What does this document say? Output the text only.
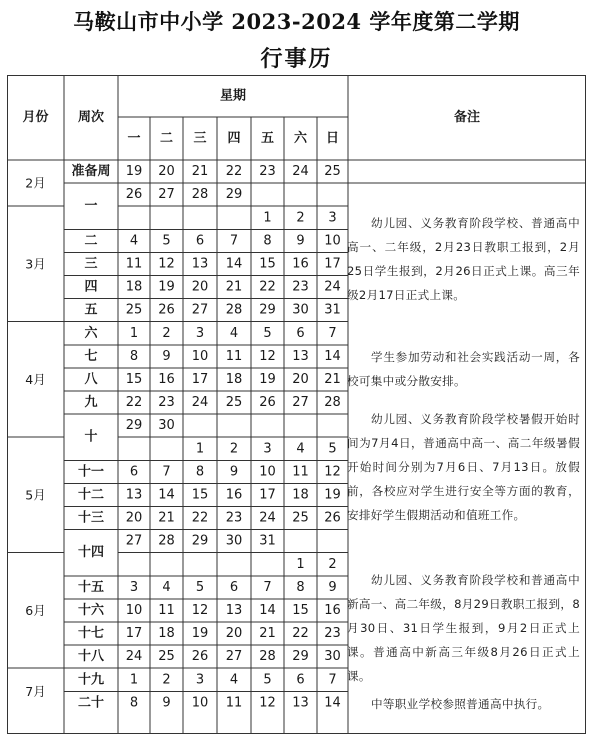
马鞍山市中小学 2023-2024 学年度第二学期
行事历
月份 周次
星期
备注
一 二 三 四 五 六 日
19 20 21 22 23 24 25
准备周
26 27 28 29
1 2 3
4 5 6 7 8 9 10
二
11 12 13 14 15 16 17
三
18 19 20 21 22 23 24
四
25 26 27 28 29 30 31
五
1 2 3 4 5 6 7
六
8 9 10 11 12 13 14
七
15 16 17 18 19 20 21
八
22 23 24 25 26 27 28
九
29 30
1 2 3 4 5
6 7 8 9 10 11 12
十一
13 14 15 16 17 18 19
十二
20 21 22 23 24 25 26
十三
27 28 29 30 31
1 2
3 4 5 6 7 8 9
十五
10 11 12 13 14 15 16
十六
17 18 19 20 21 22 23
十七
24 25 26 27 28 29 30
十八
1 2 3 4 5 6 7
十九
8 9 10 11 12 13 14
二十
一
十
十四
2月
3月
4月
5月
6月
7月
幼儿园、义务教育阶段学校、普通高中高一、二年级，2月23日教职工报到，2月25日学生报到，2月26日正式上课。高三年级2月17日正式上课。
学生参加劳动和社会实践活动一周，各校可集中或分散安排。
幼儿园、义务教育阶段学校暑假开始时间为7月4日，普通高中高一、高二年级暑假开始时间分别为7月6日、7月13日。放假前，各校应对学生进行安全等方面的教育，安排好学生假期活动和值班工作。
幼儿园、义务教育阶段学校和普通高中新高一、高二年级，8月29日教职工报到，8月30日、31日学生报到，9月2日正式上课。普通高中新高三年级8月26日正式上课。
中等职业学校参照普通高中执行。
